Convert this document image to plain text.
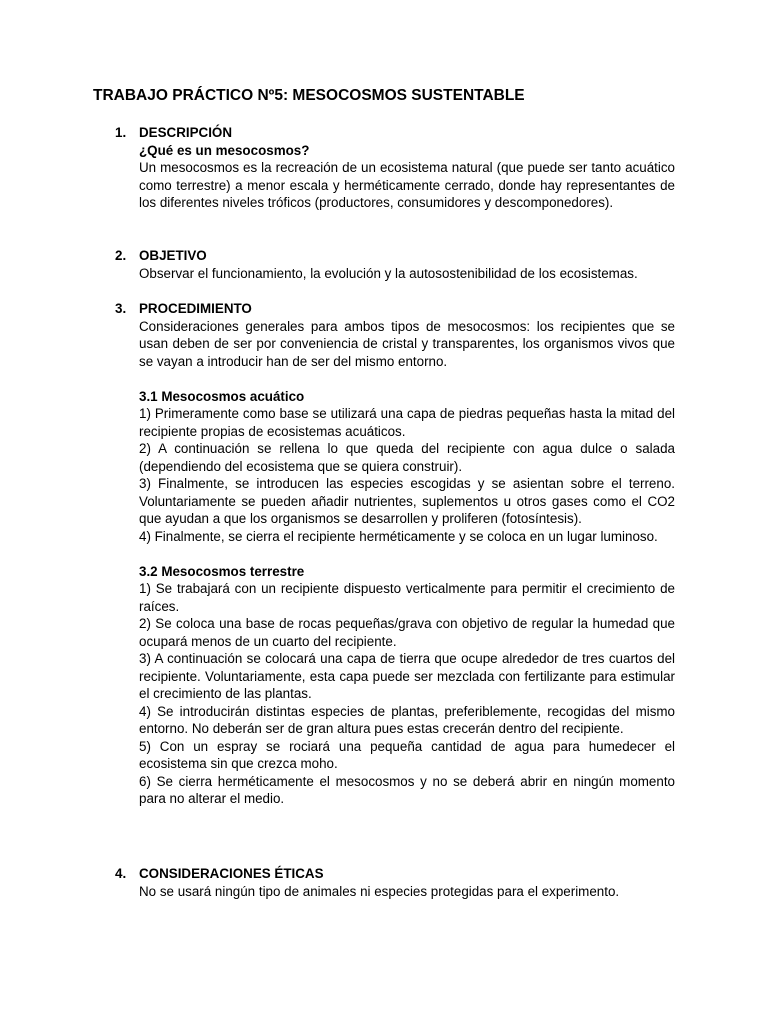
TRABAJO PRÁCTICO Nº5: MESOCOSMOS SUSTENTABLE
1. DESCRIPCIÓN
¿Qué es un mesocosmos?

Un mesocosmos es la recreación de un ecosistema natural (que puede ser tanto acuático como terrestre) a menor escala y herméticamente cerrado, donde hay representantes de los diferentes niveles tróficos (productores, consumidores y descomponedores).

2. OBJETIVO

Observar el funcionamiento, la evolución y la autosostenibilidad de los ecosistemas.

3. PROCEDIMIENTO

Consideraciones generales para ambos tipos de mesocosmos: los recipientes que se usan deben de ser por conveniencia de cristal y transparentes, los organismos vivos que se vayan a introducir han de ser del mismo entorno.

3.1 Mesocosmos acuático

1) Primeramente como base se utilizará una capa de piedras pequeñas hasta la mitad del recipiente propias de ecosistemas acuáticos.

2) A continuación se rellena lo que queda del recipiente con agua dulce o salada (dependiendo del ecosistema que se quiera construir).

3) Finalmente, se introducen las especies escogidas y se asientan sobre el terreno. Voluntariamente se pueden añadir nutrientes, suplementos u otros gases como el CO2 que ayudan a que los organismos se desarrollen y proliferen (fotosíntesis).

4) Finalmente, se cierra el recipiente herméticamente y se coloca en un lugar luminoso.

3.2 Mesocosmos terrestre

1) Se trabajará con un recipiente dispuesto verticalmente para permitir el crecimiento de raíces.

2) Se coloca una base de rocas pequeñas/grava con objetivo de regular la humedad que ocupará menos de un cuarto del recipiente.

3) A continuación se colocará una capa de tierra que ocupe alrededor de tres cuartos del recipiente. Voluntariamente, esta capa puede ser mezclada con fertilizante para estimular el crecimiento de las plantas.

4) Se introducirán distintas especies de plantas, preferiblemente, recogidas del mismo entorno. No deberán ser de gran altura pues estas crecerán dentro del recipiente.

5) Con un espray se rociará una pequeña cantidad de agua para humedecer el ecosistema sin que crezca moho.

6) Se cierra herméticamente el mesocosmos y no se deberá abrir en ningún momento para no alterar el medio.

4. CONSIDERACIONES ÉTICAS

No se usará ningún tipo de animales ni especies protegidas para el experimento.
